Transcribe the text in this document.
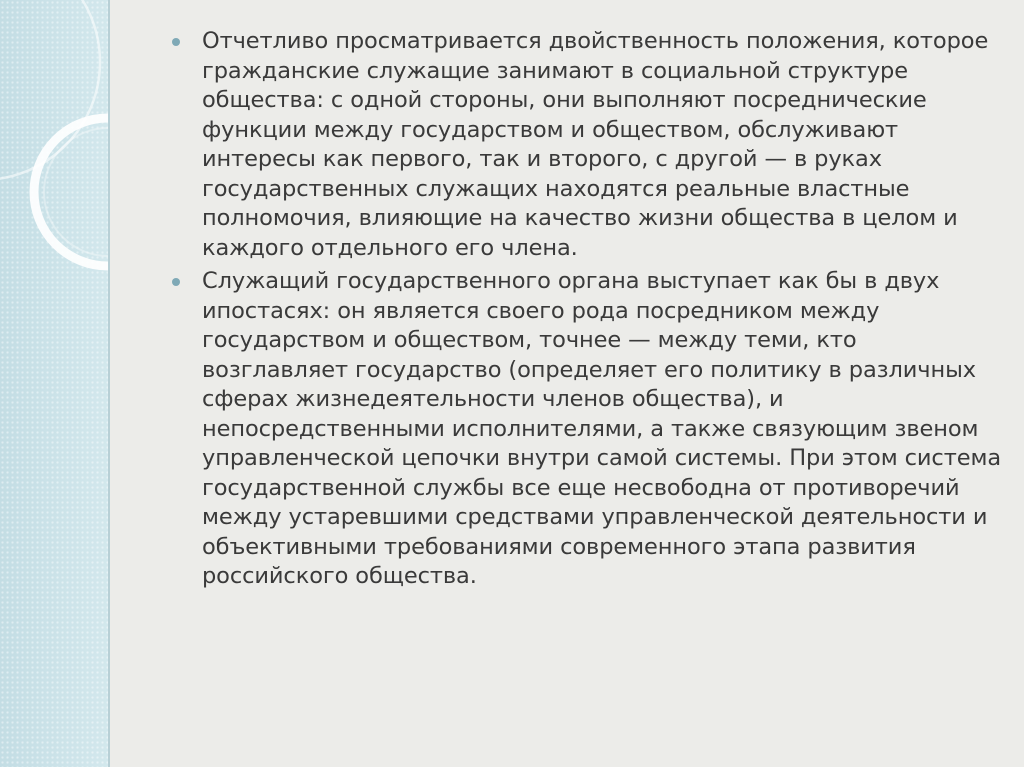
Отчетливо просматривается двойственность положения, которое гражданские служащие занимают в социальной структуре общества: с одной стороны, они выполняют посреднические функции между государством и обществом, обслуживают интересы как первого, так и второго, с другой — в руках государственных служащих находятся реальные властные полномочия, влияющие на качество жизни общества в целом и каждого отдельного его члена.
Служащий государственного органа выступает как бы в двух ипостасях: он является своего рода посредником между государством и обществом, точнее — между теми, кто возглавляет государство (определяет его политику в различных сферах жизнедеятельности членов общества), и непосредственными исполнителями, а также связующим звеном управленческой цепочки внутри самой системы. При этом система государственной службы все еще несвободна от противоречий между устаревшими средствами управленческой деятельности и объективными требованиями современного этапа развития российского общества.
